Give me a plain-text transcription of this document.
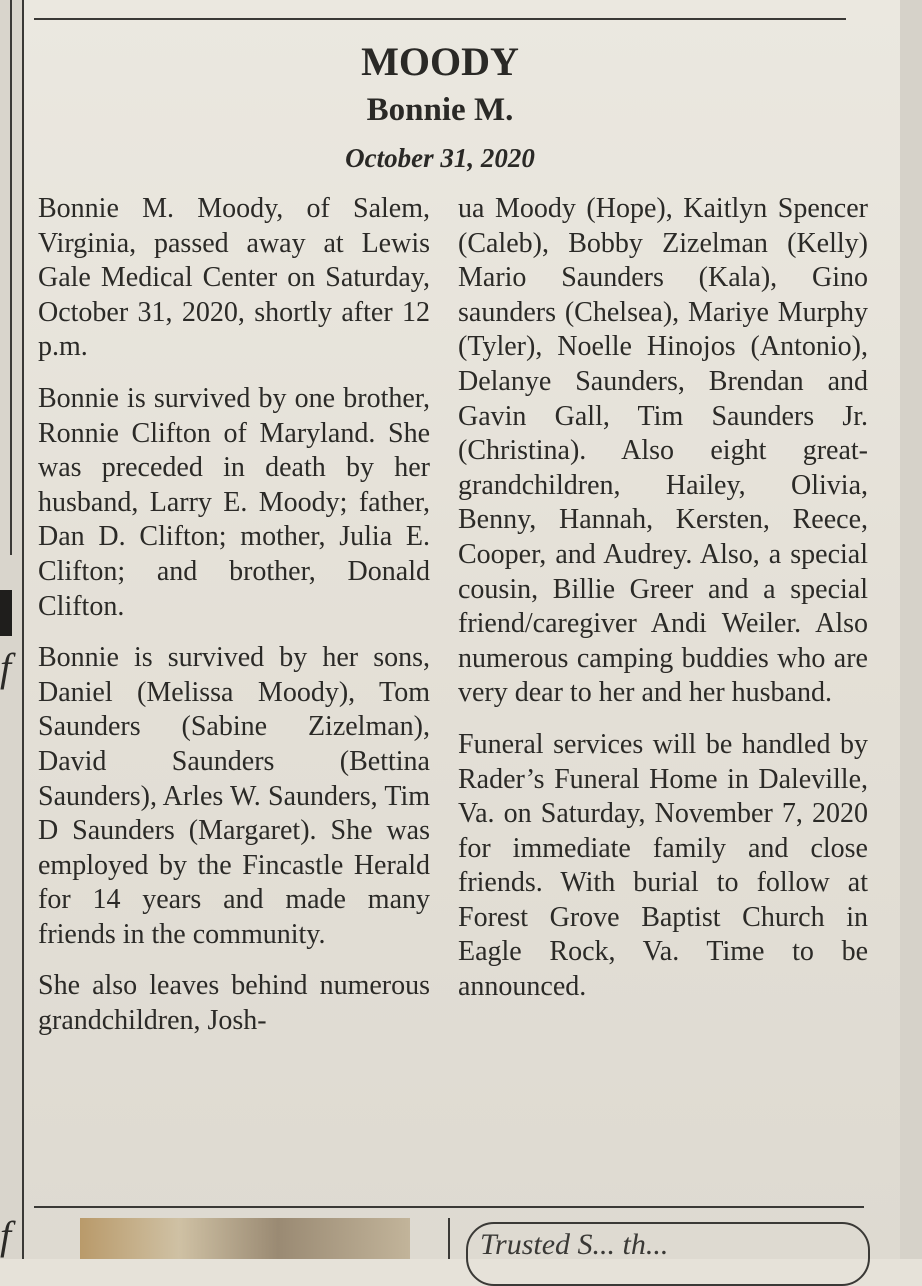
f
f
MOODY
Bonnie M.
October 31, 2020

Bonnie M. Moody, of Salem, Virginia, passed away at Lewis Gale Medical Center on Saturday, October 31, 2020, shortly after 12 p.m.

Bonnie is survived by one brother, Ronnie Clifton of Maryland. She was preceded in death by her husband, Larry E. Moody; father, Dan D. Clifton; mother, Julia E. Clifton; and brother, Donald Clifton.

Bonnie is survived by her sons, Daniel (Melissa Moody), Tom Saunders (Sabine Zizelman), David Saunders (Bettina Saunders), Arles W. Saunders, Tim D Saunders (Margaret). She was employed by the Fincastle Herald for 14 years and made many friends in the community.

She also leaves behind numerous grandchildren, Josh-

ua Moody (Hope), Kaitlyn Spencer (Caleb), Bobby Zizelman (Kelly) Mario Saunders (Kala), Gino saunders (Chelsea), Mariye Murphy (Tyler), Noelle Hinojos (Antonio), Delanye Saunders, Brendan and Gavin Gall, Tim Saunders Jr. (Christina). Also eight great-grandchildren, Hailey, Olivia, Benny, Hannah, Kersten, Reece, Cooper, and Audrey. Also, a special cousin, Billie Greer and a special friend/caregiver Andi Weiler. Also numerous camping buddies who are very dear to her and her husband.

Funeral services will be handled by Rader’s Funeral Home in Daleville, Va. on Saturday, November 7, 2020 for immediate family and close friends. With burial to follow at Forest Grove Baptist Church in Eagle Rock, Va. Time to be announced.

Trusted S... th...
